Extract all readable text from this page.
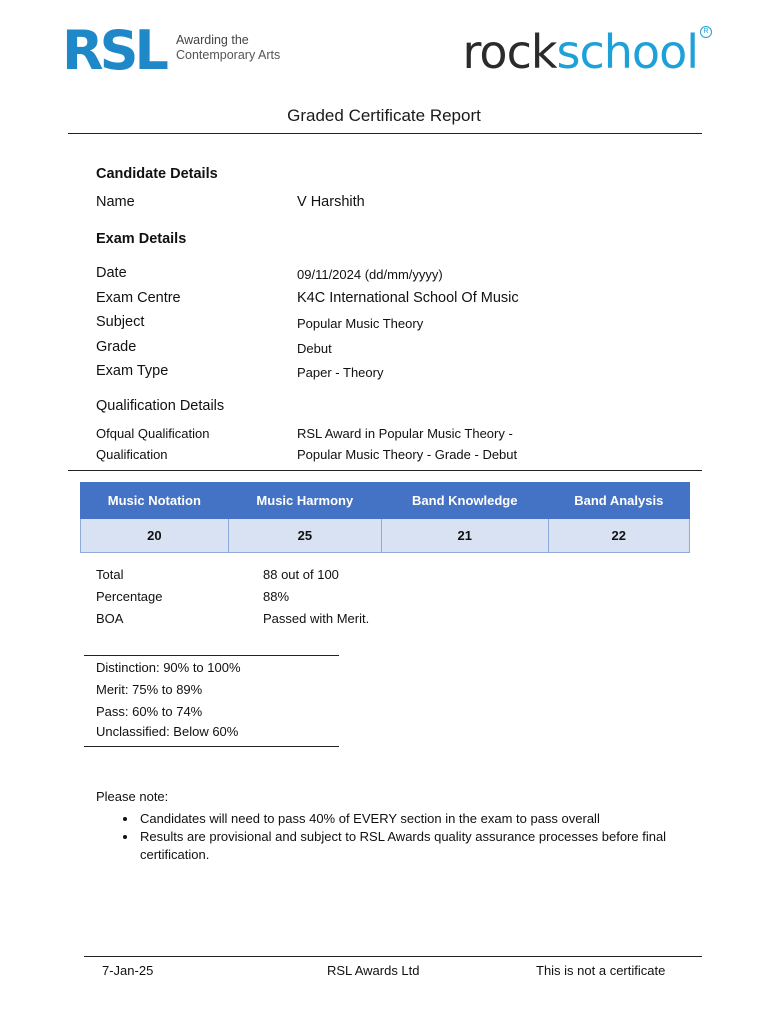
RSL Awarding the
Contemporary Arts	rockschool R
Graded Certificate Report
Candidate Details
Name	V Harshith
Exam Details
Date	09/11/2024 (dd/mm/yyyy)
Exam Centre	K4C International School Of Music
Subject	Popular Music Theory
Grade	Debut
Exam Type	Paper - Theory
Qualification Details
Ofqual Qualification	RSL Award in Popular Music Theory -
Qualification	Popular Music Theory - Grade - Debut
Music Notation	Music Harmony	Band Knowledge	Band Analysis
20	25	21	22
Total	88 out of 100
Percentage	88%
BOA	Passed with Merit.
Distinction: 90% to 100%
Merit: 75% to 89%
Pass: 60% to 74%
Unclassified: Below 60%
Please note:
• Candidates will need to pass 40% of EVERY section in the exam to pass overall
• Results are provisional and subject to RSL Awards quality assurance processes before final certification.
7-Jan-25	RSL Awards Ltd	This is not a certificate
